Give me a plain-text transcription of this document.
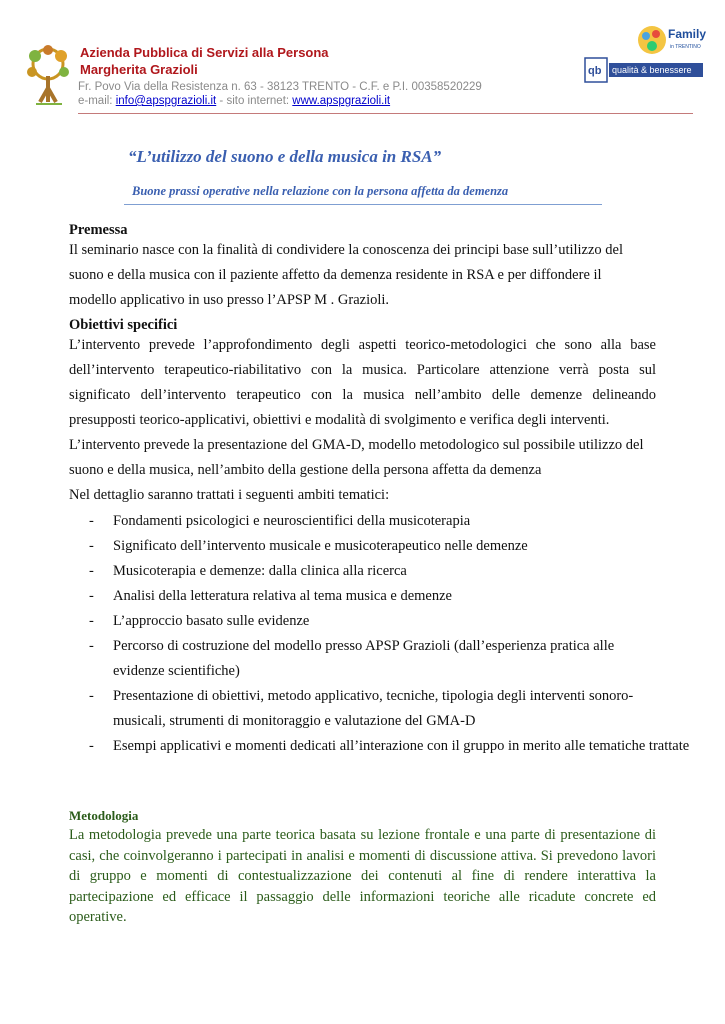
Azienda Pubblica di Servizi alla Persona
Margherita Grazioli
Fr. Povo Via della Resistenza n. 63 - 38123 TRENTO - C.F. e P.I. 00358520229
e-mail: info@apspgrazioli.it - sito internet: www.apspgrazioli.it
Family
in TRENTINO
qb qualità & benessere
“L’utilizzo del suono e della musica in RSA”
Buone prassi operative nella relazione con la persona affetta da demenza
Premessa
Il seminario nasce con la finalità di condividere la conoscenza dei principi base sull’utilizzo del
suono e della musica con il paziente affetto da demenza residente in RSA e per diffondere il
modello applicativo in uso presso l’APSP M . Grazioli.
Obiettivi specifici
L’intervento prevede l’approfondimento degli aspetti teorico-metodologici che sono alla base
dell’intervento terapeutico-riabilitativo con la musica. Particolare attenzione verrà posta sul
significato dell’intervento terapeutico con la musica nell’ambito delle demenze delineando
presupposti teorico-applicativi, obiettivi e modalità di svolgimento e verifica degli interventi.
L’intervento prevede la presentazione del GMA-D, modello metodologico sul possibile utilizzo del
suono e della musica, nell’ambito della gestione della persona affetta da demenza
Nel dettaglio saranno trattati i seguenti ambiti tematici:
- Fondamenti psicologici e neuroscientifici della musicoterapia
- Significato dell’intervento musicale e musicoterapeutico nelle demenze
- Musicoterapia e demenze: dalla clinica alla ricerca
- Analisi della letteratura relativa al tema musica e demenze
- L’approccio basato sulle evidenze
- Percorso di costruzione del modello presso APSP Grazioli (dall’esperienza pratica alle evidenze scientifiche)
- Presentazione di obiettivi, metodo applicativo, tecniche, tipologia degli interventi sonoro-musicali, strumenti di monitoraggio e valutazione del GMA-D
- Esempi applicativi e momenti dedicati all’interazione con il gruppo in merito alle tematiche trattate
Metodologia
La metodologia prevede una parte teorica basata su lezione frontale e una parte di presentazione di casi, che coinvolgeranno i partecipati in analisi e momenti di discussione attiva. Si prevedono lavori di gruppo e momenti di contestualizzazione dei contenuti al fine di rendere interattiva la partecipazione ed efficace il passaggio delle informazioni teoriche alle ricadute concrete ed operative.
